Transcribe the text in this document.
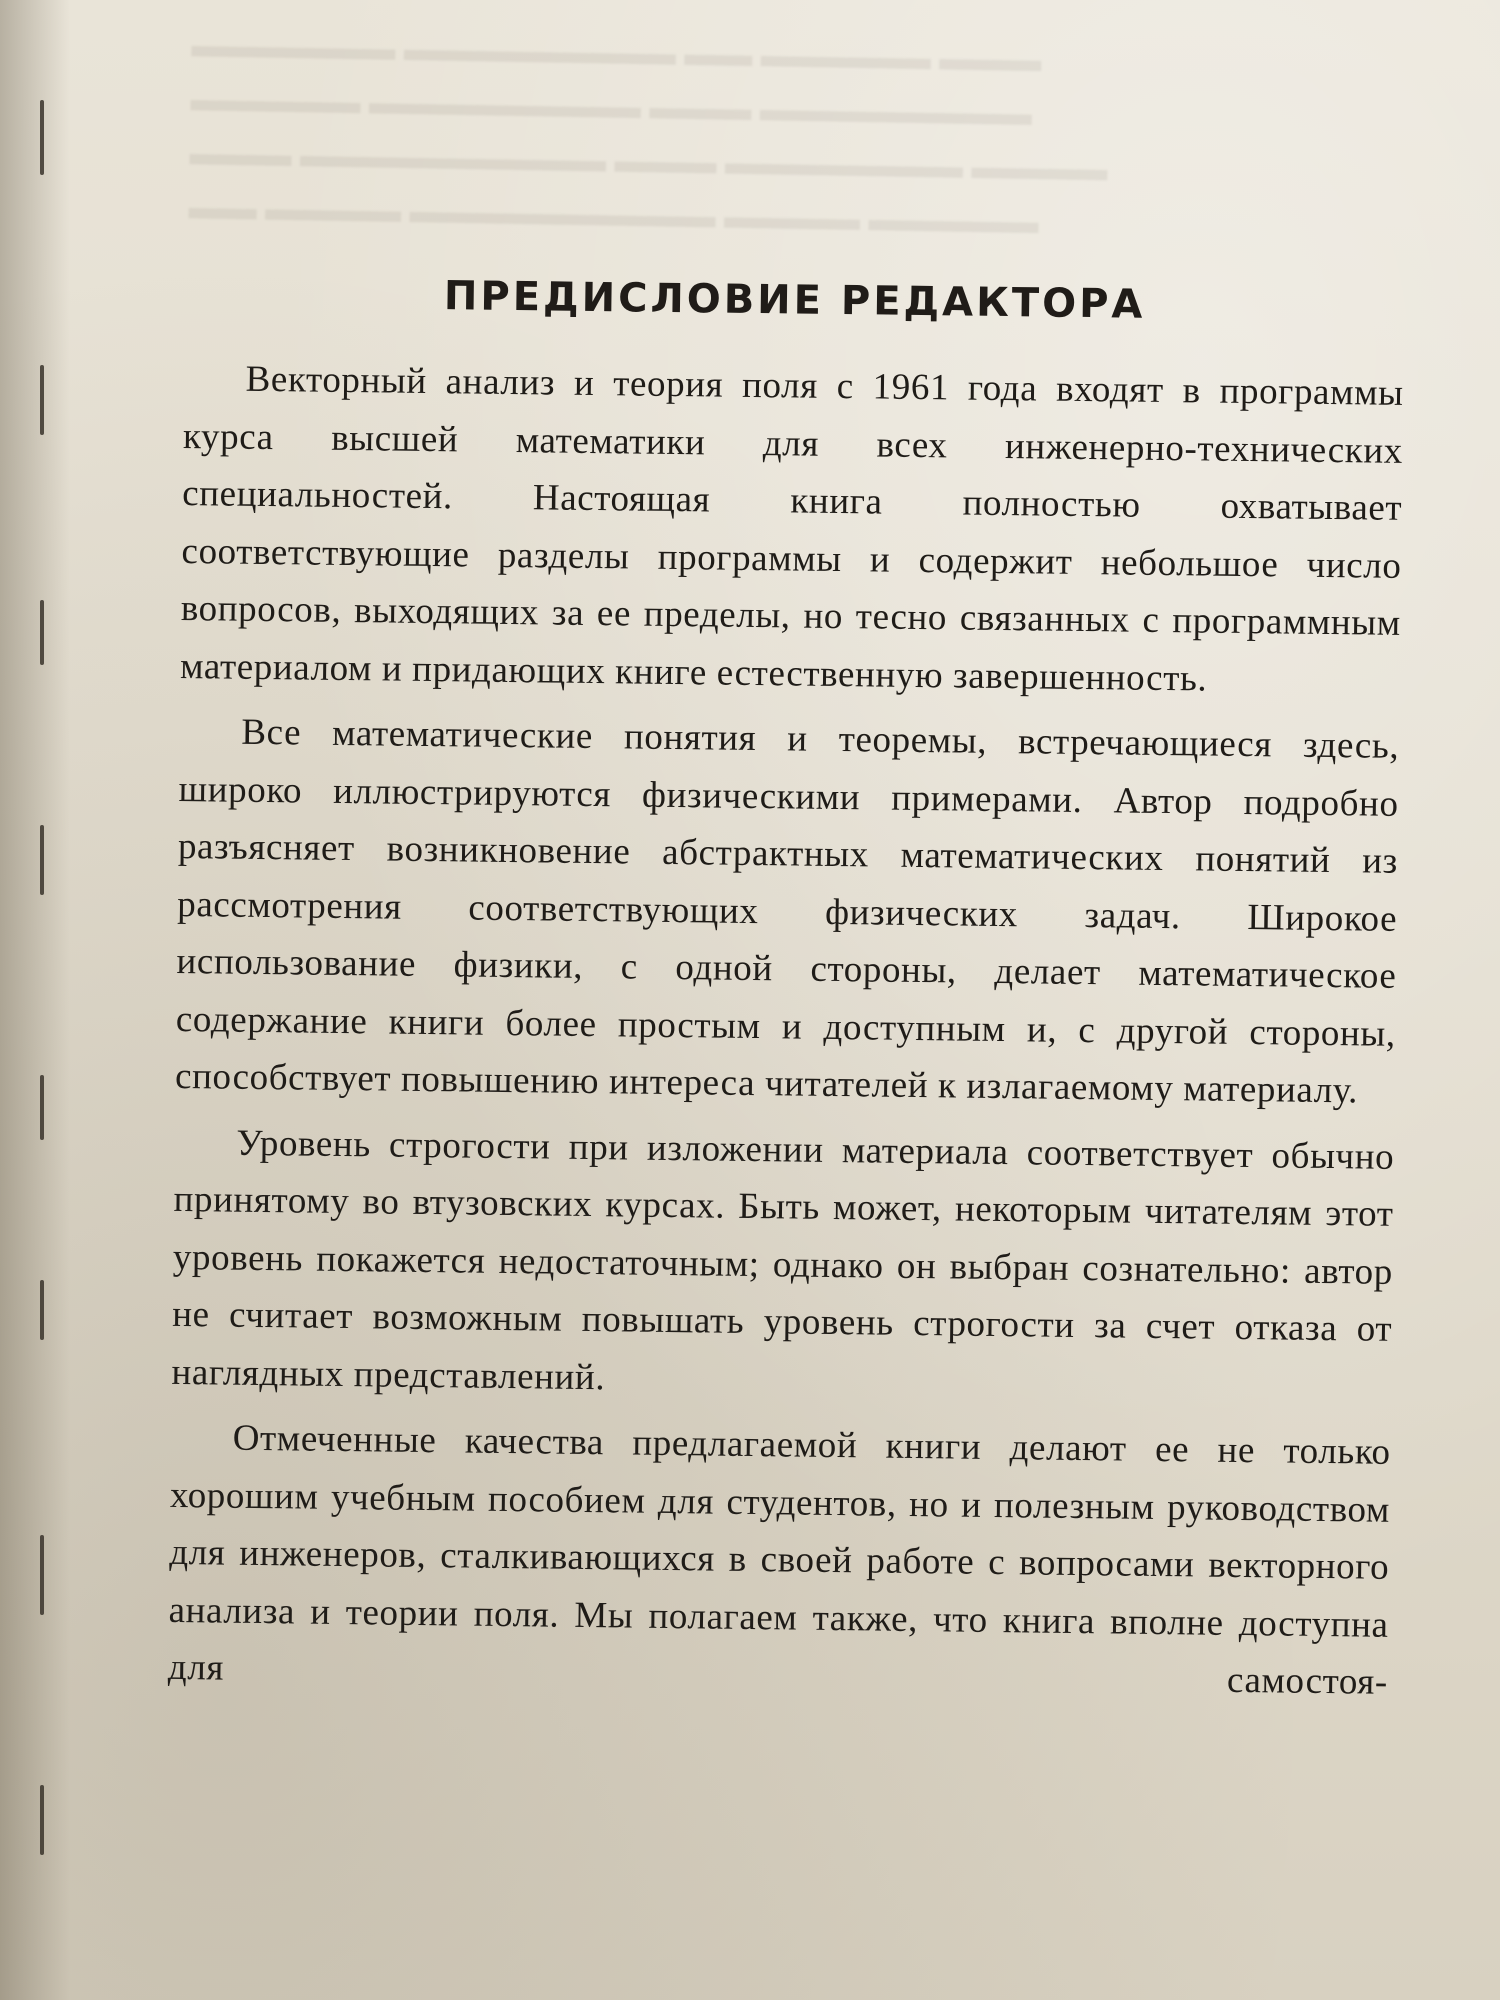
▬▬▬ ▬▬▬▬▬ ▬▬ ▬▬▬▬▬▬▬▬ ▬▬▬▬▬▬
▬▬▬▬▬▬▬▬ ▬▬▬ ▬▬▬▬▬▬▬▬ ▬▬▬▬▬
▬▬▬▬ ▬▬▬▬▬▬▬ ▬▬▬ ▬▬▬▬▬▬▬▬▬ ▬▬▬
▬▬▬▬▬ ▬▬▬▬ ▬▬▬▬▬▬▬▬▬ ▬▬▬▬ ▬▬
ПРЕДИСЛОВИЕ РЕДАКТОРА

Векторный анализ и теория поля с 1961 года входят в программы курса высшей математики для всех инженерно-технических специальностей. Настоящая книга полностью охватывает соответствующие разделы программы и содержит небольшое число вопросов, выходящих за ее пределы, но тесно связанных с программным материалом и придающих книге естественную завершенность.

Все математические понятия и теоремы, встречающиеся здесь, широко иллюстрируются физическими примерами. Автор подробно разъясняет возникновение абстрактных математических понятий из рассмотрения соответствующих физических задач. Широкое использование физики, с одной стороны, делает математическое содержание книги более простым и доступным и, с другой стороны, способствует повышению интереса читателей к излагаемому материалу.

Уровень строгости при изложении материала соответствует обычно принятому во втузовских курсах. Быть может, некоторым читателям этот уровень покажется недостаточным; однако он выбран сознательно: автор не считает возможным повышать уровень строгости за счет отказа от наглядных представлений.

Отмеченные качества предлагаемой книги делают ее не только хорошим учебным пособием для студентов, но и полезным руководством для инженеров, сталкивающихся в своей работе с вопросами векторного анализа и теории поля. Мы полагаем также, что книга вполне доступна для самостоя-
